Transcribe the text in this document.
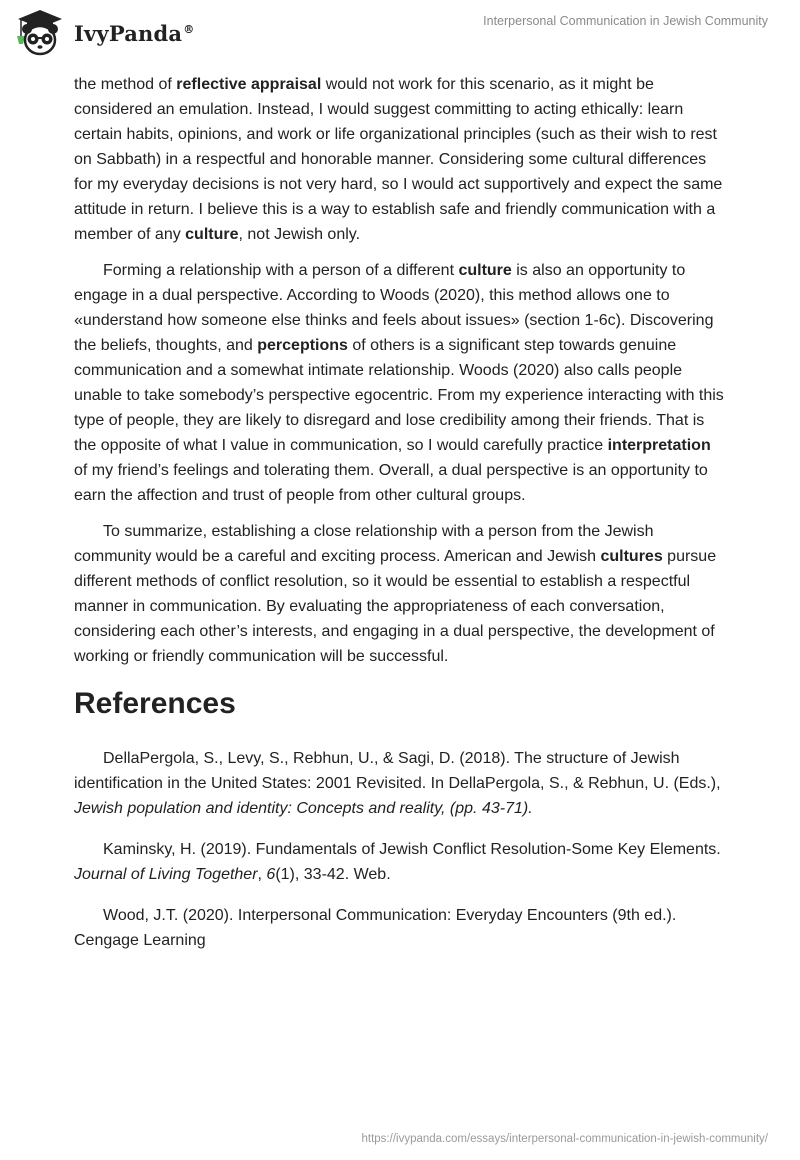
IvyPanda®
Interpersonal Communication in Jewish Community

the method of reflective appraisal would not work for this scenario, as it might be considered an emulation. Instead, I would suggest committing to acting ethically: learn certain habits, opinions, and work or life organizational principles (such as their wish to rest on Sabbath) in a respectful and honorable manner. Considering some cultural differences for my everyday decisions is not very hard, so I would act supportively and expect the same attitude in return. I believe this is a way to establish safe and friendly communication with a member of any culture, not Jewish only.

Forming a relationship with a person of a different culture is also an opportunity to engage in a dual perspective. According to Woods (2020), this method allows one to «understand how someone else thinks and feels about issues» (section 1-6c). Discovering the beliefs, thoughts, and perceptions of others is a significant step towards genuine communication and a somewhat intimate relationship. Woods (2020) also calls people unable to take somebody’s perspective egocentric. From my experience interacting with this type of people, they are likely to disregard and lose credibility among their friends. That is the opposite of what I value in communication, so I would carefully practice interpretation of my friend’s feelings and tolerating them. Overall, a dual perspective is an opportunity to earn the affection and trust of people from other cultural groups.

To summarize, establishing a close relationship with a person from the Jewish community would be a careful and exciting process. American and Jewish cultures pursue different methods of conflict resolution, so it would be essential to establish a respectful manner in communication. By evaluating the appropriateness of each conversation, considering each other’s interests, and engaging in a dual perspective, the development of working or friendly communication will be successful.

References

DellaPergola, S., Levy, S., Rebhun, U., & Sagi, D. (2018). The structure of Jewish identification in the United States: 2001 Revisited. In DellaPergola, S., & Rebhun, U. (Eds.), Jewish population and identity: Concepts and reality, (pp. 43-71).

Kaminsky, H. (2019). Fundamentals of Jewish Conflict Resolution-Some Key Elements. Journal of Living Together, 6(1), 33-42. Web.

Wood, J.T. (2020). Interpersonal Communication: Everyday Encounters (9th ed.). Cengage Learning

https://ivypanda.com/essays/interpersonal-communication-in-jewish-community/
